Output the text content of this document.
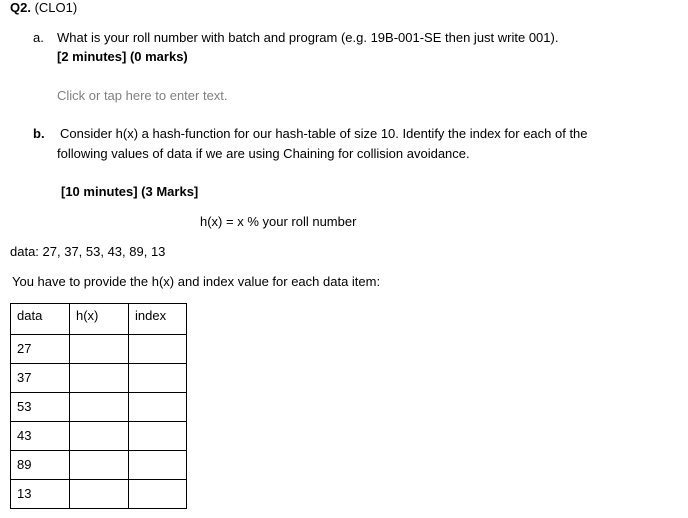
Q2. (CLO1)
a. What is your roll number with batch and program (e.g. 19B-001-SE then just write 001).
[2 minutes] (0 marks)
Click or tap here to enter text.
b. Consider h(x) a hash-function for our hash-table of size 10. Identify the index for each of the
following values of data if we are using Chaining for collision avoidance.
[10 minutes] (3 Marks]
h(x) = x % your roll number
data: 27, 37, 53, 43, 89, 13
You have to provide the h(x) and index value for each data item:
data	h(x)	index
27		
37		
53		
43		
89		
13		
